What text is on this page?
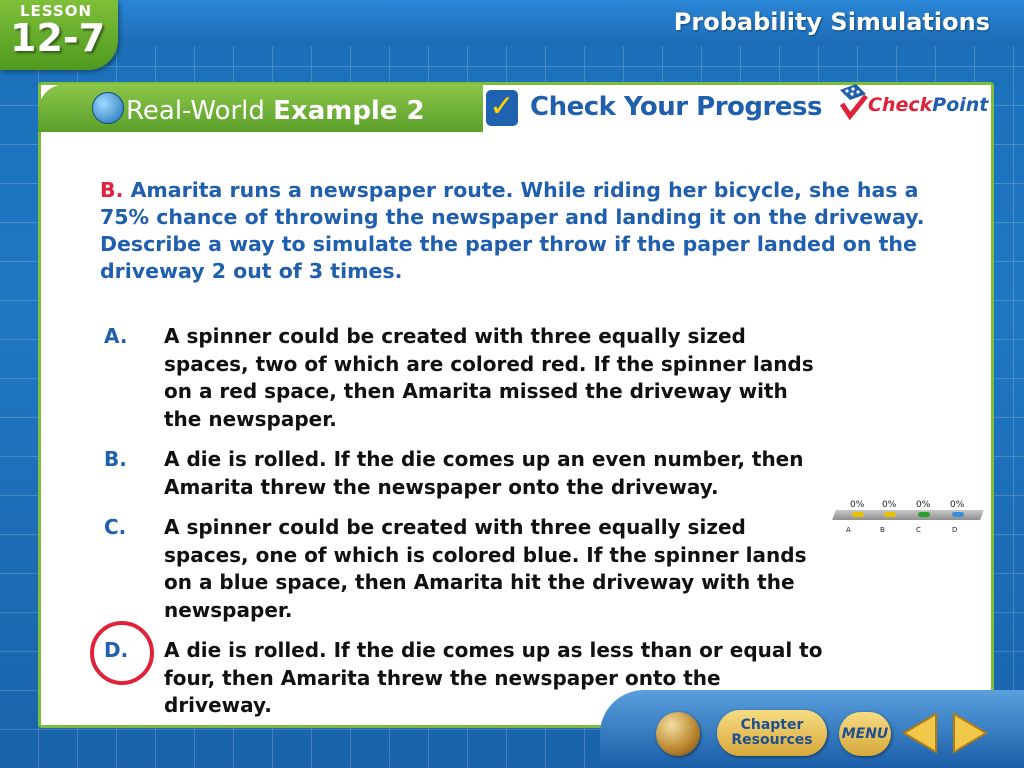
LESSON
12-7	Probability Simulations
Real-World Example 2 ✓ Check Your Progress CheckPoint
B. Amarita runs a newspaper route. While riding her bicycle, she has a 75% chance of throwing the newspaper and landing it on the driveway.
Describe a way to simulate the paper throw if the paper landed on the driveway 2 out of 3 times.
A. A spinner could be created with three equally sized spaces, two of which are colored red. If the spinner lands on a red space, then Amarita missed the driveway with the newspaper.
B. A die is rolled. If the die comes up an even number, then Amarita threw the newspaper onto the driveway.
C. A spinner could be created with three equally sized spaces, one of which is colored blue. If the spinner lands on a blue space, then Amarita hit the driveway with the newspaper.
D. A die is rolled. If the die comes up as less than or equal to four, then Amarita threw the newspaper onto the driveway.
0% 0% 0% 0%
A	B	C	D
Chapter Resources	MENU
